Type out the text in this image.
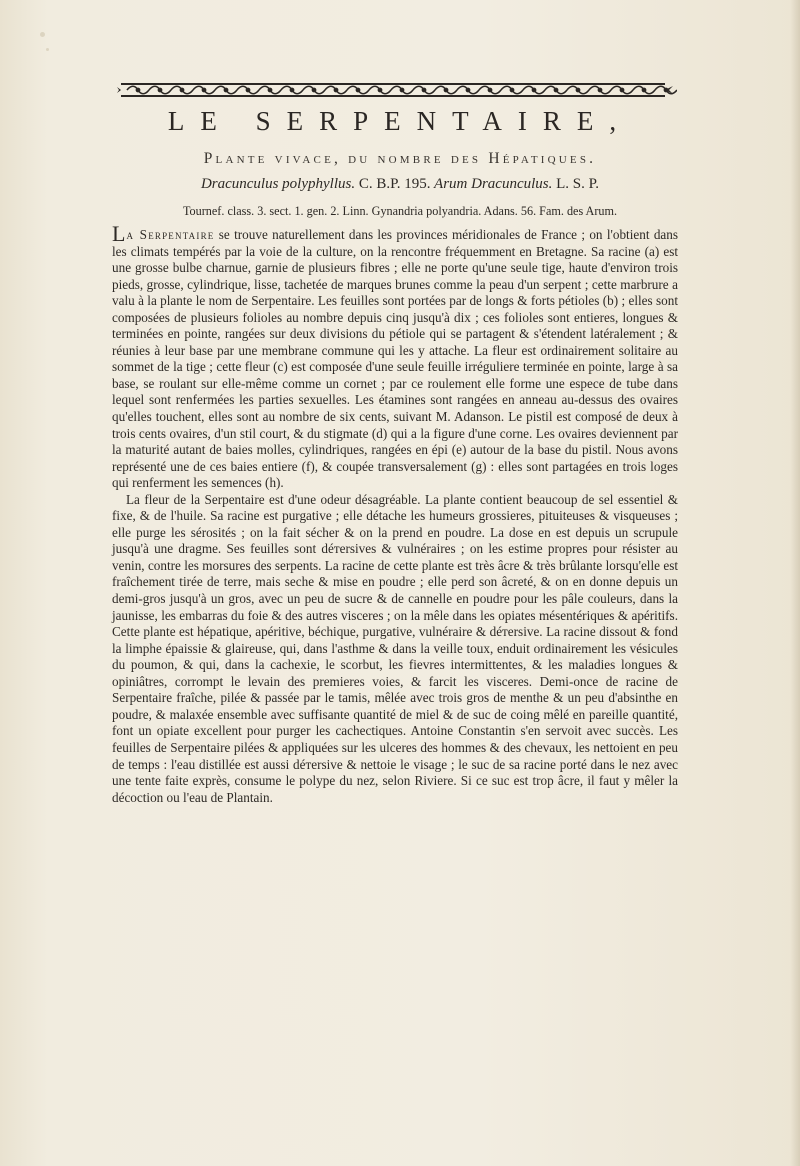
LE SERPENTAIRE,
Plante vivace, du nombre des Hépatiques.
Dracunculus polyphyllus. C. B.P. 195. Arum Dracunculus. L. S. P.
Tournef. class. 3. sect. 1. gen. 2. Linn. Gynandria polyandria. Adans. 56. Fam. des Arum.

La Serpentaire se trouve naturellement dans les provinces méridionales de France ; on l'obtient dans les climats tempérés par la voie de la culture, on la rencontre fréquemment en Bretagne. Sa racine (a) est une grosse bulbe charnue, garnie de plusieurs fibres ; elle ne porte qu'une seule tige, haute d'environ trois pieds, grosse, cylindrique, lisse, tachetée de marques brunes comme la peau d'un serpent ; cette marbrure a valu à la plante le nom de Serpentaire. Les feuilles sont portées par de longs & forts pétioles (b) ; elles sont composées de plusieurs folioles au nombre depuis cinq jusqu'à dix ; ces folioles sont entieres, longues & terminées en pointe, rangées sur deux divisions du pétiole qui se partagent & s'étendent latéralement ; & réunies à leur base par une membrane commune qui les y attache. La fleur est ordinairement solitaire au sommet de la tige ; cette fleur (c) est composée d'une seule feuille irréguliere terminée en pointe, large à sa base, se roulant sur elle-même comme un cornet ; par ce roulement elle forme une espece de tube dans lequel sont renfermées les parties sexuelles. Les étamines sont rangées en anneau au-dessus des ovaires qu'elles touchent, elles sont au nombre de six cents, suivant M. Adanson. Le pistil est composé de deux à trois cents ovaires, d'un stil court, & du stigmate (d) qui a la figure d'une corne. Les ovaires deviennent par la maturité autant de baies molles, cylindriques, rangées en épi (e) autour de la base du pistil. Nous avons représenté une de ces baies entiere (f), & coupée transversalement (g) : elles sont partagées en trois loges qui renferment les semences (h).

La fleur de la Serpentaire est d'une odeur désagréable. La plante contient beaucoup de sel essentiel & fixe, & de l'huile. Sa racine est purgative ; elle détache les humeurs grossieres, pituiteuses & visqueuses ; elle purge les sérosités ; on la fait sécher & on la prend en poudre. La dose en est depuis un scrupule jusqu'à une dragme. Ses feuilles sont déтersives & vulnéraires ; on les estime propres pour résister au venin, contre les morsures des serpents. La racine de cette plante est très âcre & très brûlante lorsqu'elle est fraîchement tirée de terre, mais seche & mise en poudre ; elle perd son âcreté, & on en donne depuis un demi-gros jusqu'à un gros, avec un peu de sucre & de cannelle en poudre pour les pâle couleurs, dans la jaunisse, les embarras du foie & des autres visceres ; on la mêle dans les opiates mésentériques & apéritifs. Cette plante est hépatique, apéritive, béchique, purgative, vulnéraire & déтersive. La racine dissout & fond la limphe épaissie & glaireuse, qui, dans l'asthme & dans la veille toux, enduit ordinairement les vésicules du poumon, & qui, dans la cachexie, le scorbut, les fievres intermittentes, & les maladies longues & opiniâtres, corrompt le levain des premieres voies, & farcit les visceres. Demi-once de racine de Serpentaire fraîche, pilée & passée par le tamis, mêlée avec trois gros de menthe & un peu d'absinthe en poudre, & malaxée ensemble avec suffisante quantité de miel & de suc de coing mêlé en pareille quantité, font un opiate excellent pour purger les cachectiques. Antoine Constantin s'en servoit avec succès. Les feuilles de Serpentaire pilées & appliquées sur les ulceres des hommes & des chevaux, les nettoient en peu de temps : l'eau distillée est aussi déтersive & nettoie le visage ; le suc de sa racine porté dans le nez avec une tente faite exprès, consume le polype du nez, selon Riviere. Si ce suc est trop âcre, il faut y mêler la décoction ou l'eau de Plantain.
